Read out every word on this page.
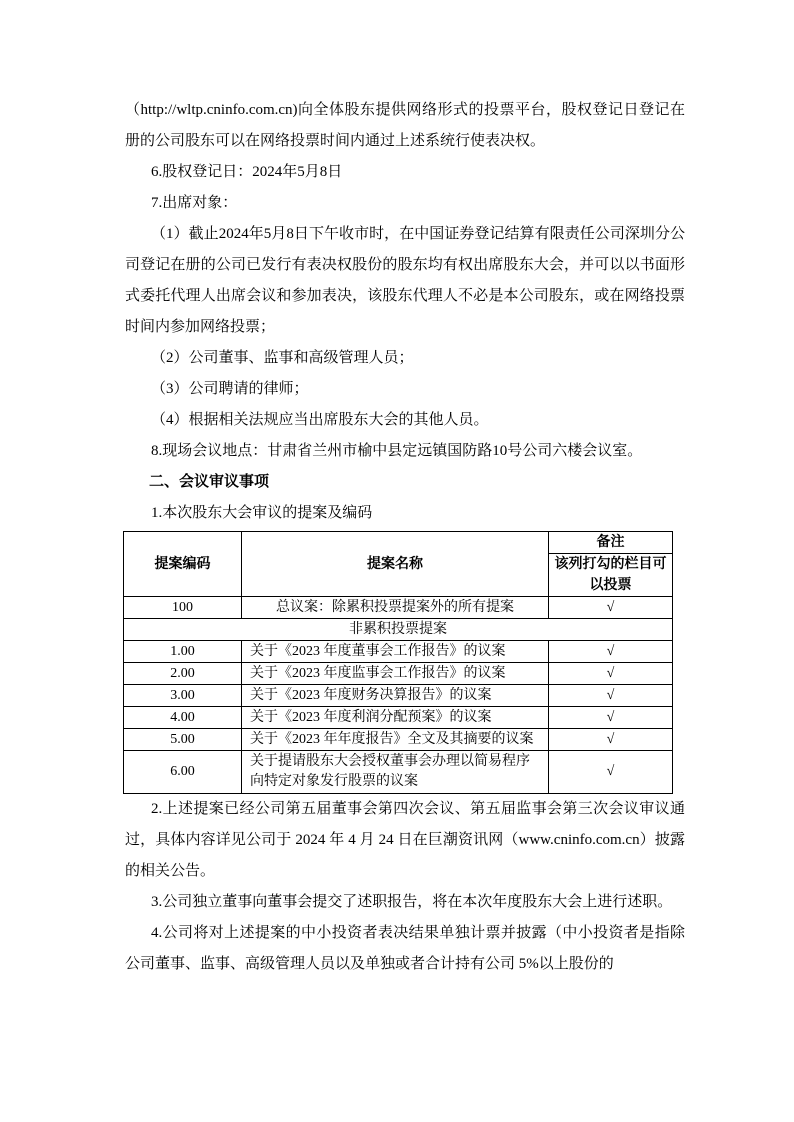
（http://wltp.cninfo.com.cn)向全体股东提供网络形式的投票平台，股权登记日登记在册的公司股东可以在网络投票时间内通过上述系统行使表决权。

6.股权登记日：2024年5月8日

7.出席对象：

（1）截止2024年5月8日下午收市时，在中国证券登记结算有限责任公司深圳分公司登记在册的公司已发行有表决权股份的股东均有权出席股东大会，并可以以书面形式委托代理人出席会议和参加表决，该股东代理人不必是本公司股东，或在网络投票时间内参加网络投票；

（2）公司董事、监事和高级管理人员；

（3）公司聘请的律师；

（4）根据相关法规应当出席股东大会的其他人员。

8.现场会议地点：甘肃省兰州市榆中县定远镇国防路10号公司六楼会议室。

二、会议审议事项

1.本次股东大会审议的提案及编码

提案编码	提案名称	备注
		该列打勾的栏目可以投票
100	总议案：除累积投票提案外的所有提案	√
非累积投票提案		
1.00	关于《2023 年度董事会工作报告》的议案	√
2.00	关于《2023 年度监事会工作报告》的议案	√
3.00	关于《2023 年度财务决算报告》的议案	√
4.00	关于《2023 年度利润分配预案》的议案	√
5.00	关于《2023 年年度报告》全文及其摘要的议案	√
6.00	关于提请股东大会授权董事会办理以简易程序向特定对象发行股票的议案	√

2.上述提案已经公司第五届董事会第四次会议、第五届监事会第三次会议审议通过，具体内容详见公司于 2024 年 4 月 24 日在巨潮资讯网（www.cninfo.com.cn）披露的相关公告。

3.公司独立董事向董事会提交了述职报告，将在本次年度股东大会上进行述职。

4.公司将对上述提案的中小投资者表决结果单独计票并披露（中小投资者是指除公司董事、监事、高级管理人员以及单独或者合计持有公司 5%以上股份的
